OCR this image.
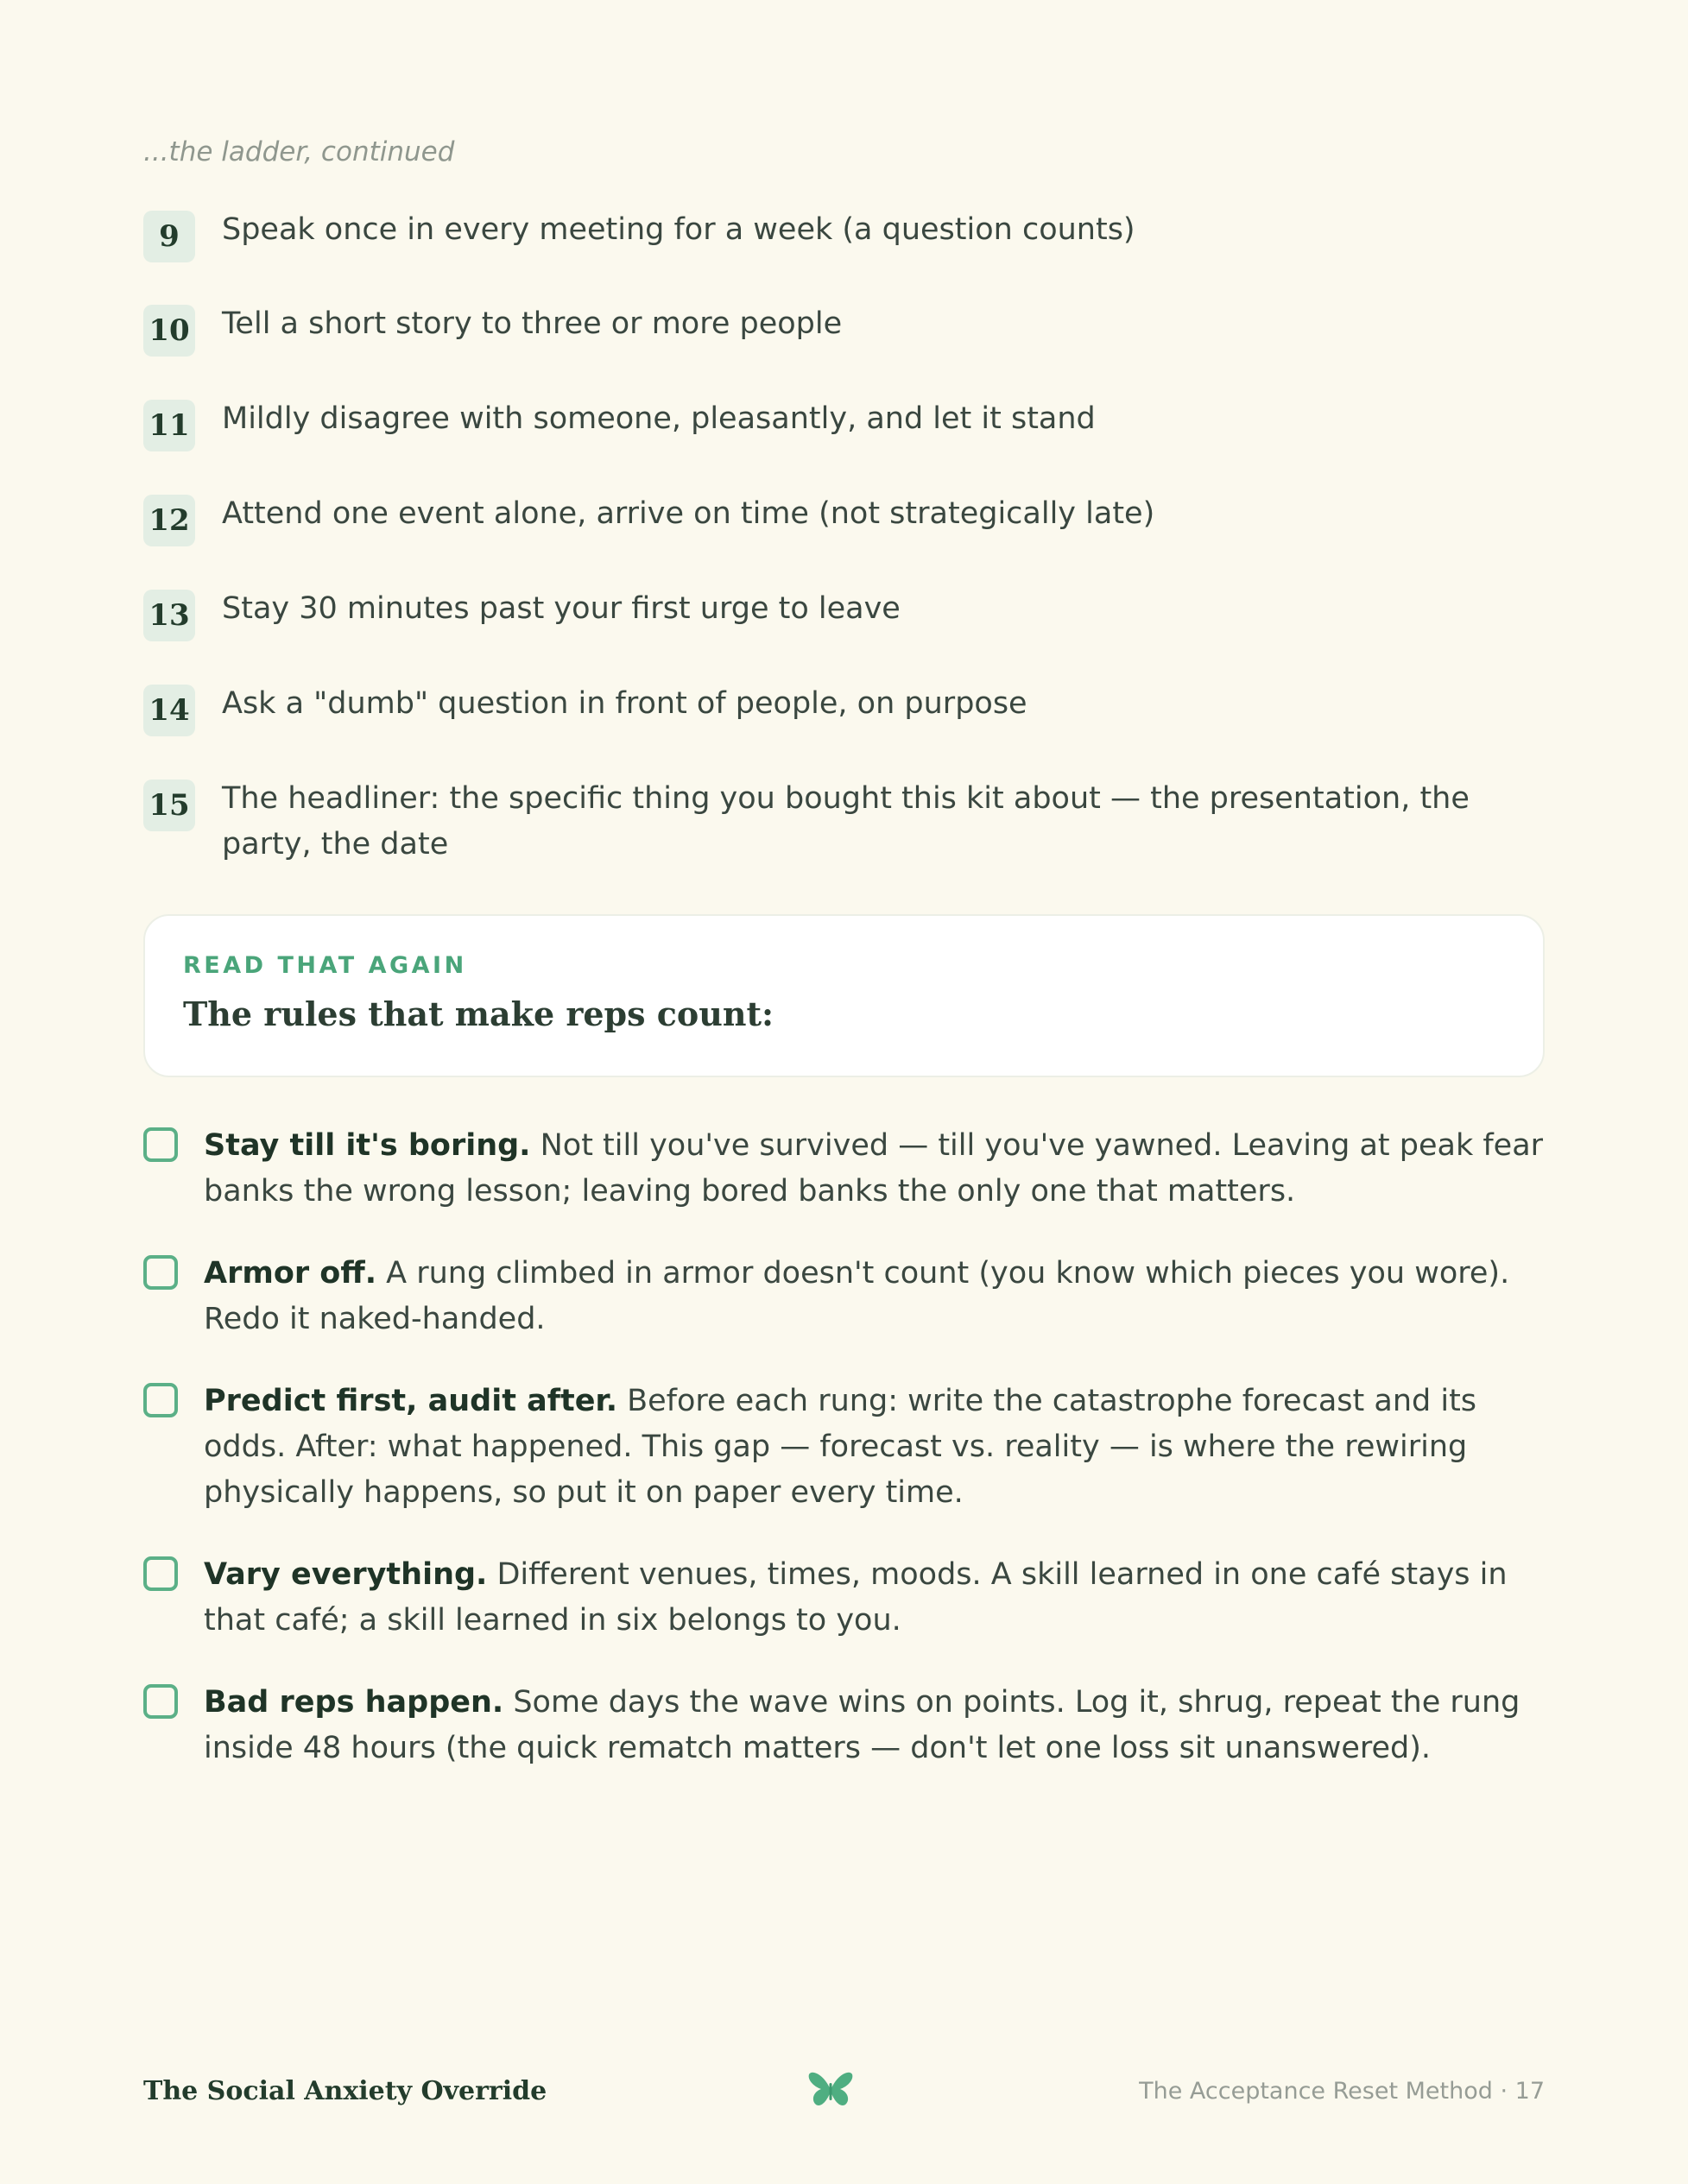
...the ladder, continued
9	Speak once in every meeting for a week (a question counts)
10 Tell a short story to three or more people
11 Mildly disagree with someone, pleasantly, and let it stand
12 Attend one event alone, arrive on time (not strategically late)
13 Stay 30 minutes past your first urge to leave
14 Ask a "dumb" question in front of people, on purpose
15 The headliner: the specific thing you bought this kit about — the presentation, the party, the date
READ THAT AGAIN
The rules that make reps count:
Stay till it's boring. Not till you've survived — till you've yawned. Leaving at peak fear banks the wrong lesson; leaving bored banks the only one that matters.
Armor off. A rung climbed in armor doesn't count (you know which pieces you wore). Redo it naked-handed.
Predict first, audit after. Before each rung: write the catastrophe forecast and its odds. After: what happened. This gap — forecast vs. reality — is where the rewiring physically happens, so put it on paper every time.
Vary everything. Different venues, times, moods. A skill learned in one café stays in that café; a skill learned in six belongs to you.
Bad reps happen. Some days the wave wins on points. Log it, shrug, repeat the rung inside 48 hours (the quick rematch matters — don't let one loss sit unanswered).
The Social Anxiety Override	The Acceptance Reset Method · 17
